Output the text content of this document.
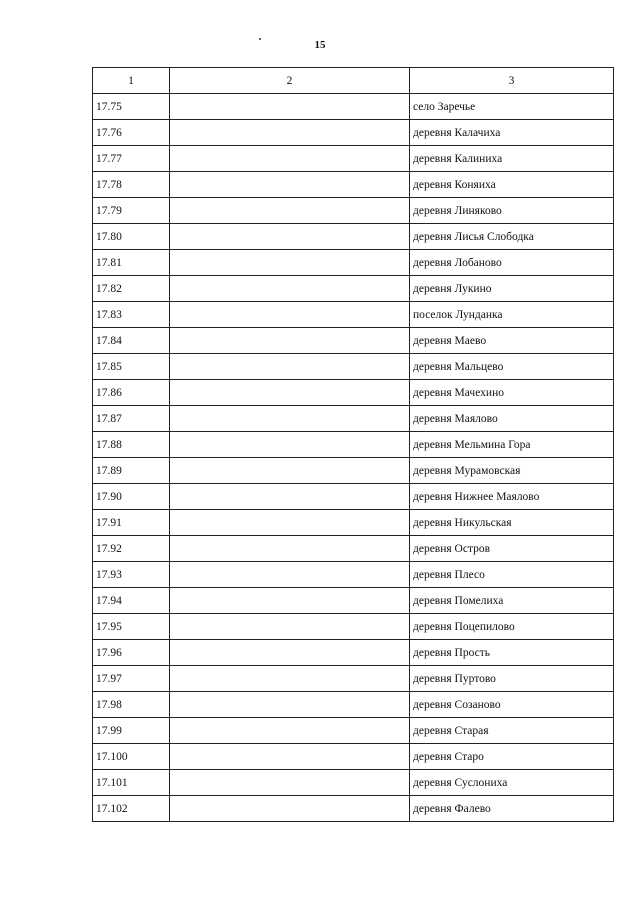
15
1	2	3
17.75		село Заречье
17.76		деревня Калачиха
17.77		деревня Калиниха
17.78		деревня Коняиха
17.79		деревня Линяково
17.80		деревня Лисья Слободка
17.81		деревня Лобаново
17.82		деревня Лукино
17.83		поселок Лунданка
17.84		деревня Маево
17.85		деревня Мальцево
17.86		деревня Мачехино
17.87		деревня Маялово
17.88		деревня Мельмина Гора
17.89		деревня Мурамовская
17.90		деревня Нижнее Маялово
17.91		деревня Никульская
17.92		деревня Остров
17.93		деревня Плесо
17.94		деревня Помелиха
17.95		деревня Поцепилово
17.96		деревня Прость
17.97		деревня Пуртово
17.98		деревня Созаново
17.99		деревня Старая
17.100		деревня Старо
17.101		деревня Суслониха
17.102		деревня Фалево
